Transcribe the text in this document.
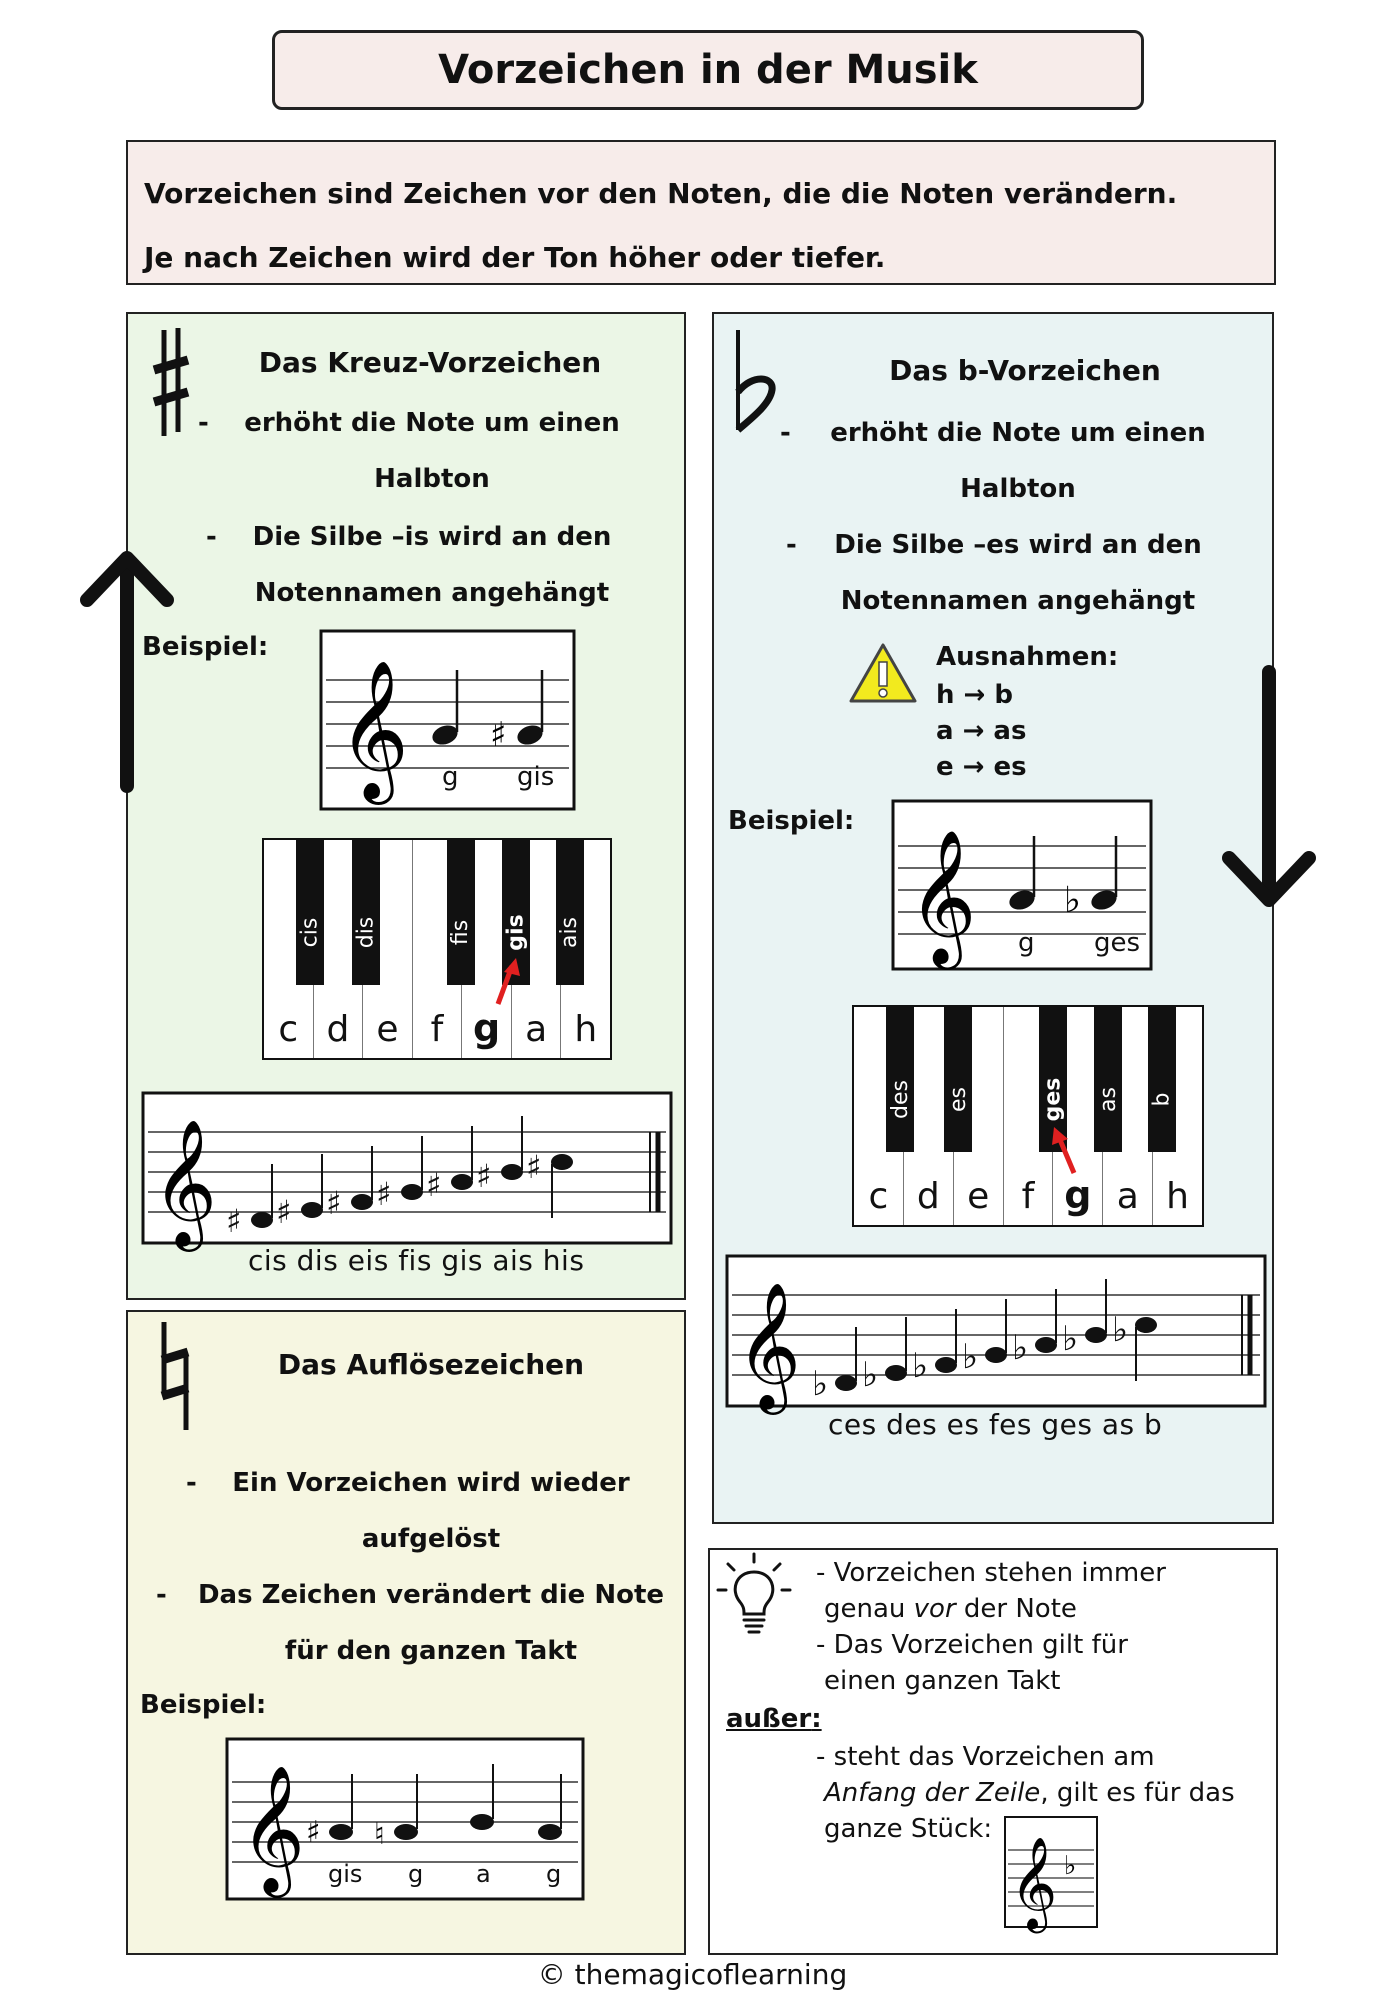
Vorzeichen in der Musik
Vorzeichen sind Zeichen vor den Noten, die die Noten verändern.
Je nach Zeichen wird der Ton höher oder tiefer.
Das Kreuz-Vorzeichen
-	erhöht die Note um einen
Halbton
-	Die Silbe –is wird an den
Notennamen angehängt
Beispiel:
𝄞 ♯
g gis
c d e f g a h
cis dis	fis gis ais
𝄞 ♯ ♯ ♯ ♯ ♯ ♯ ♯
cis dis eis fis gis ais his
Das b-Vorzeichen
-	erhöht die Note um einen
Halbton
-	Die Silbe –es wird an den
Notennamen angehängt
Ausnahmen:
h → b
a → as
e → es
Beispiel:
𝄞 ♭
g ges
c d e f g a h
des es	ges as b
𝄞 ♭ ♭ ♭ ♭ ♭ ♭ ♭
ces des es fes ges as b
Das Auflösezeichen
-	Ein Vorzeichen wird wieder
aufgelöst
- Das Zeichen verändert die Note
für den ganzen Takt
Beispiel:
𝄞 ♯ ♮
gis g a g
- Vorzeichen stehen immer
genau vor der Note
- Das Vorzeichen gilt für
einen ganzen Takt
außer:
- steht das Vorzeichen am
Anfang der Zeile, gilt es für das
ganze Stück:
𝄞 ♭
© themagicoflearning
